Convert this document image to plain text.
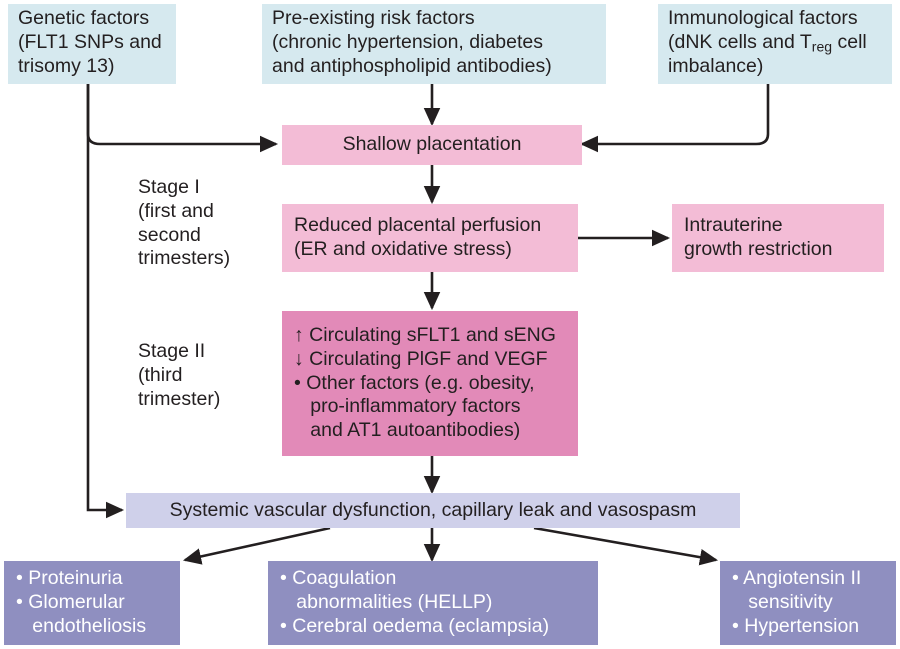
Genetic factors
(FLT1 SNPs and
trisomy 13)
Pre-existing risk factors
(chronic hypertension, diabetes
and antiphospholipid antibodies)
Immunological factors
(dNK cells and $T_{reg}$ cell
imbalance)
Stage I
(first and
second
trimesters)
Stage II
(third
trimester)
Shallow placentation
Reduced placental perfusion
(ER and oxidative stress)
Intrauterine
growth restriction
↑ Circulating sFLT1 and sENG
↓ Circulating PlGF and VEGF
• Other factors (e.g. obesity,
pro-inflammatory factors
and AT1 autoantibodies)
Systemic vascular dysfunction, capillary leak and vasospasm
• Proteinuria
• Glomerular
endotheliosis
• Coagulation
abnormalities (HELLP)
• Cerebral oedema (eclampsia)
• Angiotensin II
sensitivity
• Hypertension
